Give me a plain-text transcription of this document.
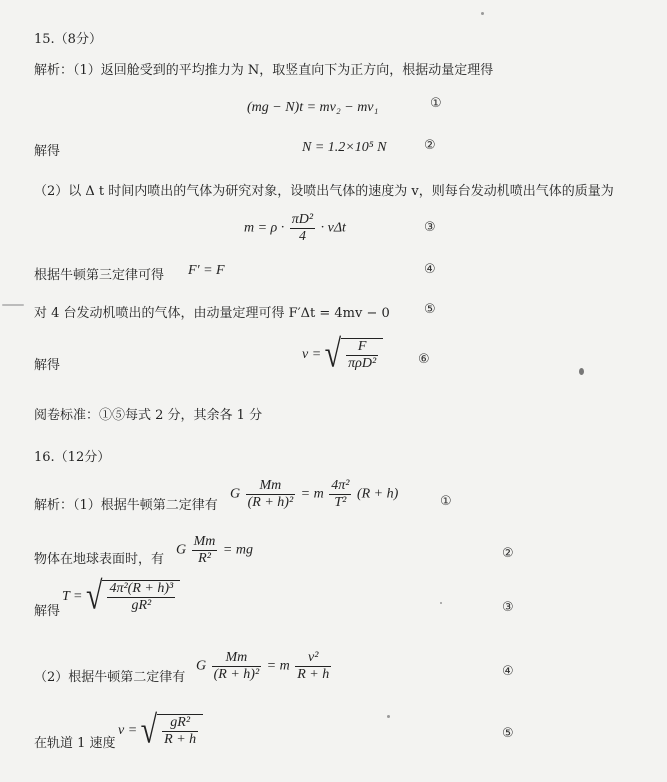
15.（8分）
解析：（1）返回舱受到的平均推力为 N，取竖直向下为正方向，根据动量定理得
(mg − N)t = mv₂ − mv₁	①
解得	N = 1.2×10⁵ N	②
（2）以 Δ t 时间内喷出的气体为研究对象，设喷出气体的速度为 v，则每台发动机喷出气体的质量为
$m = \rho \cdot \frac{\text{πD²}}{4} \cdot v\Delta t$	③
根据牛顿第三定律可得 F′ = F	④
对 4 台发动机喷出的气体，由动量定理可得 F′Δt = 4mv − 0	⑤
解得
v = √ $\frac{F}{\text{πρD²}}$	⑥
阅卷标准：①⑤每式 2 分，其余各 1 分
16.（12分）
解析：（1）根据牛顿第二定律有
G $\frac{Mm}{\text{(R + h)²}} = m \frac{\text{4π²}}{\text{T²}} (R + h)$	①
物体在地球表面时，有
G $\frac{Mm}{\text{R²}}$ = mg	②
解得
T = √ $\frac{\text{4π²(R + h)³}}{\text{gR²}}$	③
（2）根据牛顿第二定律有
G $\frac{Mm}{\text{(R + h)²}} = m \frac{\text{v²}}{R + h}$	④
在轨道 1 速度
v = √ $\frac{\text{gR²}}{R + h}$	⑤
